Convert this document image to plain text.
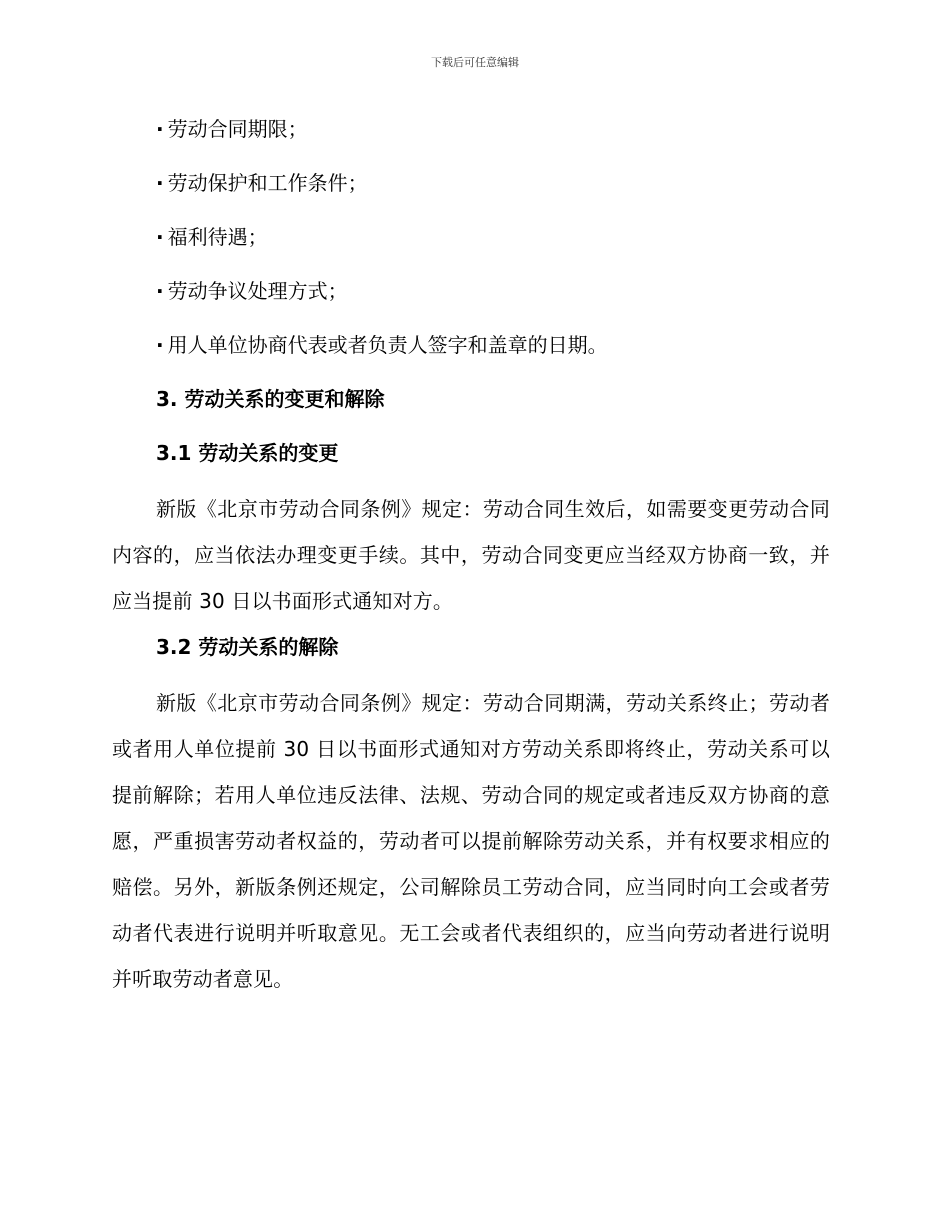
下载后可任意编辑
· 劳动合同期限；
· 劳动保护和工作条件；
· 福利待遇；
· 劳动争议处理方式；
· 用人单位协商代表或者负责人签字和盖章的日期。
3. 劳动关系的变更和解除
3.1 劳动关系的变更

新版《北京市劳动合同条例》规定：劳动合同生效后，如需要变更劳动合同内容的，应当依法办理变更手续。其中，劳动合同变更应当经双方协商一致，并应当提前 30 日以书面形式通知对方。

3.2 劳动关系的解除

新版《北京市劳动合同条例》规定：劳动合同期满，劳动关系终止；劳动者或者用人单位提前 30 日以书面形式通知对方劳动关系即将终止，劳动关系可以提前解除；若用人单位违反法律、法规、劳动合同的规定或者违反双方协商的意愿，严重损害劳动者权益的，劳动者可以提前解除劳动关系，并有权要求相应的赔偿。另外，新版条例还规定，公司解除员工劳动合同，应当同时向工会或者劳动者代表进行说明并听取意见。无工会或者代表组织的，应当向劳动者进行说明并听取劳动者意见。
